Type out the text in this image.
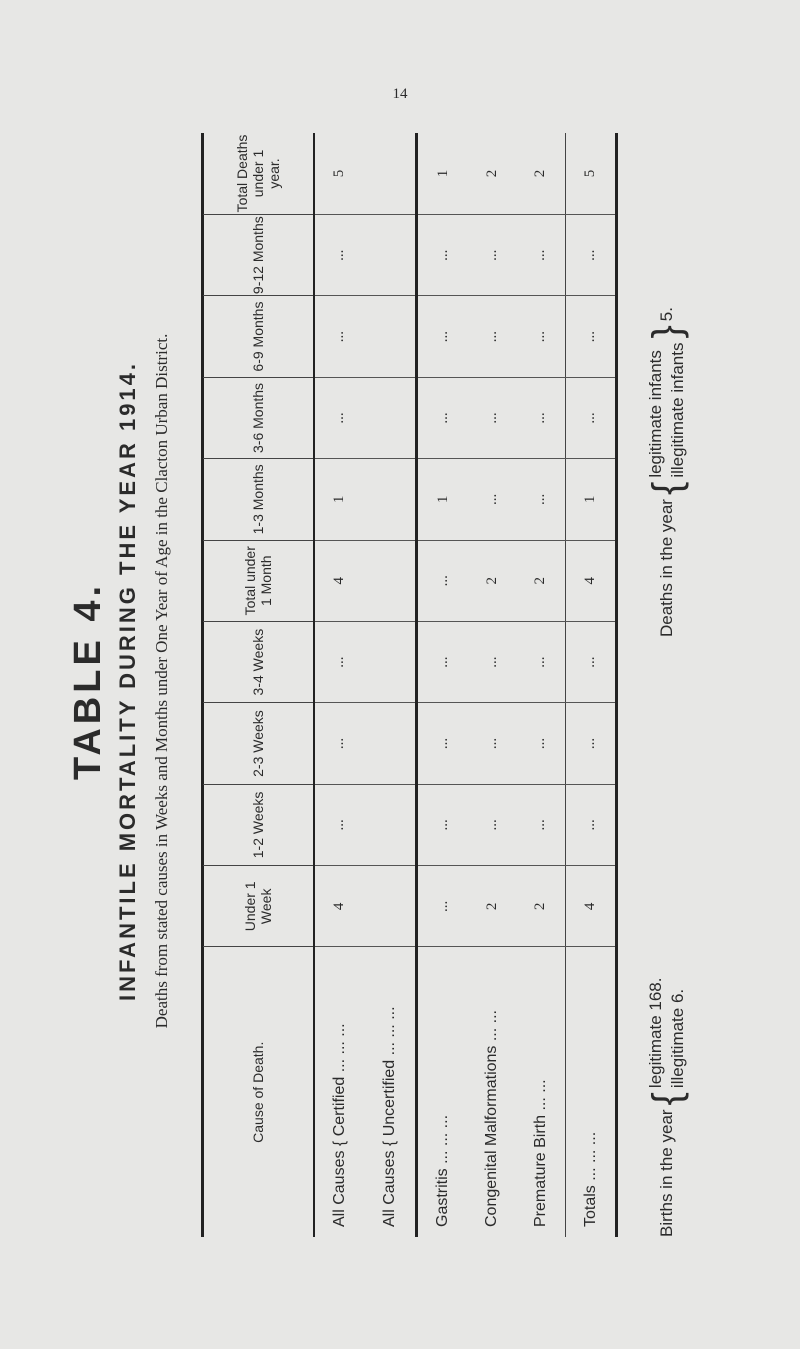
14
TABLE 4. INFANTILE MORTALITY DURING THE YEAR 1914. Deaths from stated causes in Weeks and Months under One Year of Age in the Clacton Urban District.
Cause of Death.	Under 1 Week	1-2 Weeks	2-3 Weeks	3-4 Weeks	Total under 1 Month	1-3 Months	3-6 Months	6-9 Months	9-12 Months	Total Deaths under 1 year.
All Causes { Certified ... ... ...	4	...	...	...	4	1	...	...	...	5
All Causes { Uncertified ... ... ...										
Gastritis ... ... ...	...	...	...	...	...	1	...	...	...	1
Congenital Malformations ... ...	2	...	...	...	2	...	...	...	...	2
Premature Birth ... ...	2	...	...	...	2	...	...	...	...	2
Totals ... ... ...	4	...	...	...	4	1	...	...	...	5
Births in the year
{
legitimate 168. illegitimate 6.
Deaths in the year
{
legitimate infants illegitimate infants
}
5.
